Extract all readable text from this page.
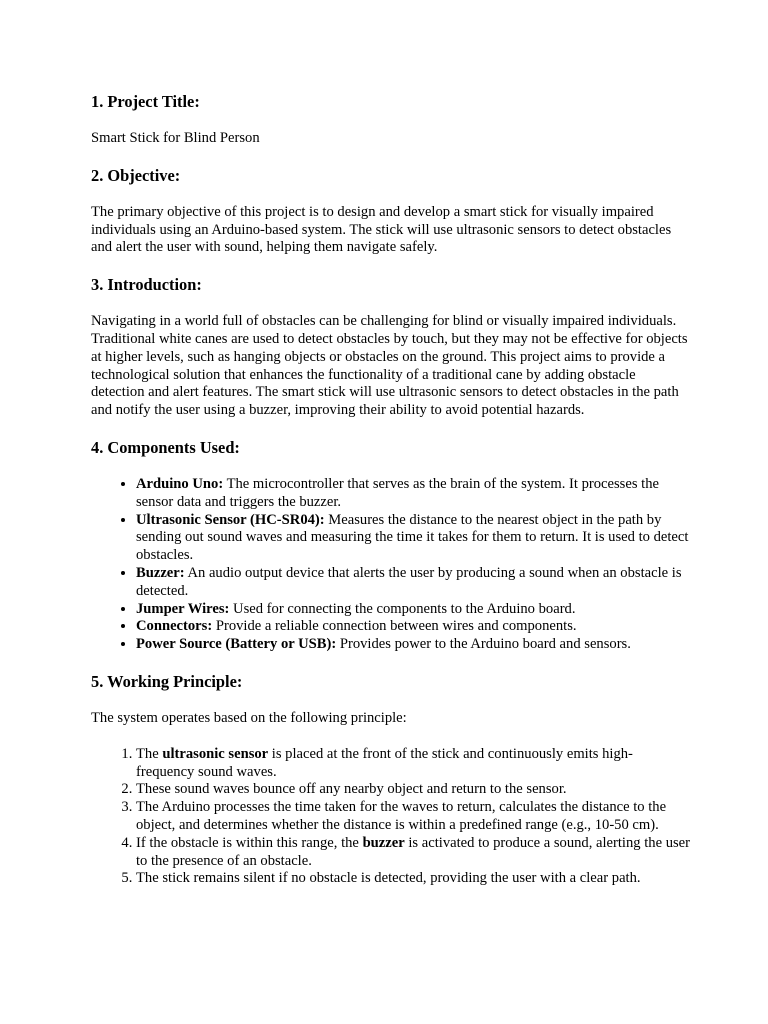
1. Project Title:

Smart Stick for Blind Person

2. Objective:

The primary objective of this project is to design and develop a smart stick for visually impaired individuals using an Arduino-based system. The stick will use ultrasonic sensors to detect obstacles and alert the user with sound, helping them navigate safely.

3. Introduction:

Navigating in a world full of obstacles can be challenging for blind or visually impaired individuals. Traditional white canes are used to detect obstacles by touch, but they may not be effective for objects at higher levels, such as hanging objects or obstacles on the ground. This project aims to provide a technological solution that enhances the functionality of a traditional cane by adding obstacle detection and alert features. The smart stick will use ultrasonic sensors to detect obstacles in the path and notify the user using a buzzer, improving their ability to avoid potential hazards.

4. Components Used:
• Arduino Uno: The microcontroller that serves as the brain of the system. It processes the sensor data and triggers the buzzer.
• Ultrasonic Sensor (HC-SR04): Measures the distance to the nearest object in the path by sending out sound waves and measuring the time it takes for them to return. It is used to detect obstacles.
• Buzzer: An audio output device that alerts the user by producing a sound when an obstacle is detected.
• Jumper Wires: Used for connecting the components to the Arduino board.
• Connectors: Provide a reliable connection between wires and components.
• Power Source (Battery or USB): Provides power to the Arduino board and sensors.
5. Working Principle:

The system operates based on the following principle:

1. The ultrasonic sensor is placed at the front of the stick and continuously emits high-frequency sound waves.
2. These sound waves bounce off any nearby object and return to the sensor.
3. The Arduino processes the time taken for the waves to return, calculates the distance to the object, and determines whether the distance is within a predefined range (e.g., 10-50 cm).
4. If the obstacle is within this range, the buzzer is activated to produce a sound, alerting the user to the presence of an obstacle.
5. The stick remains silent if no obstacle is detected, providing the user with a clear path.
